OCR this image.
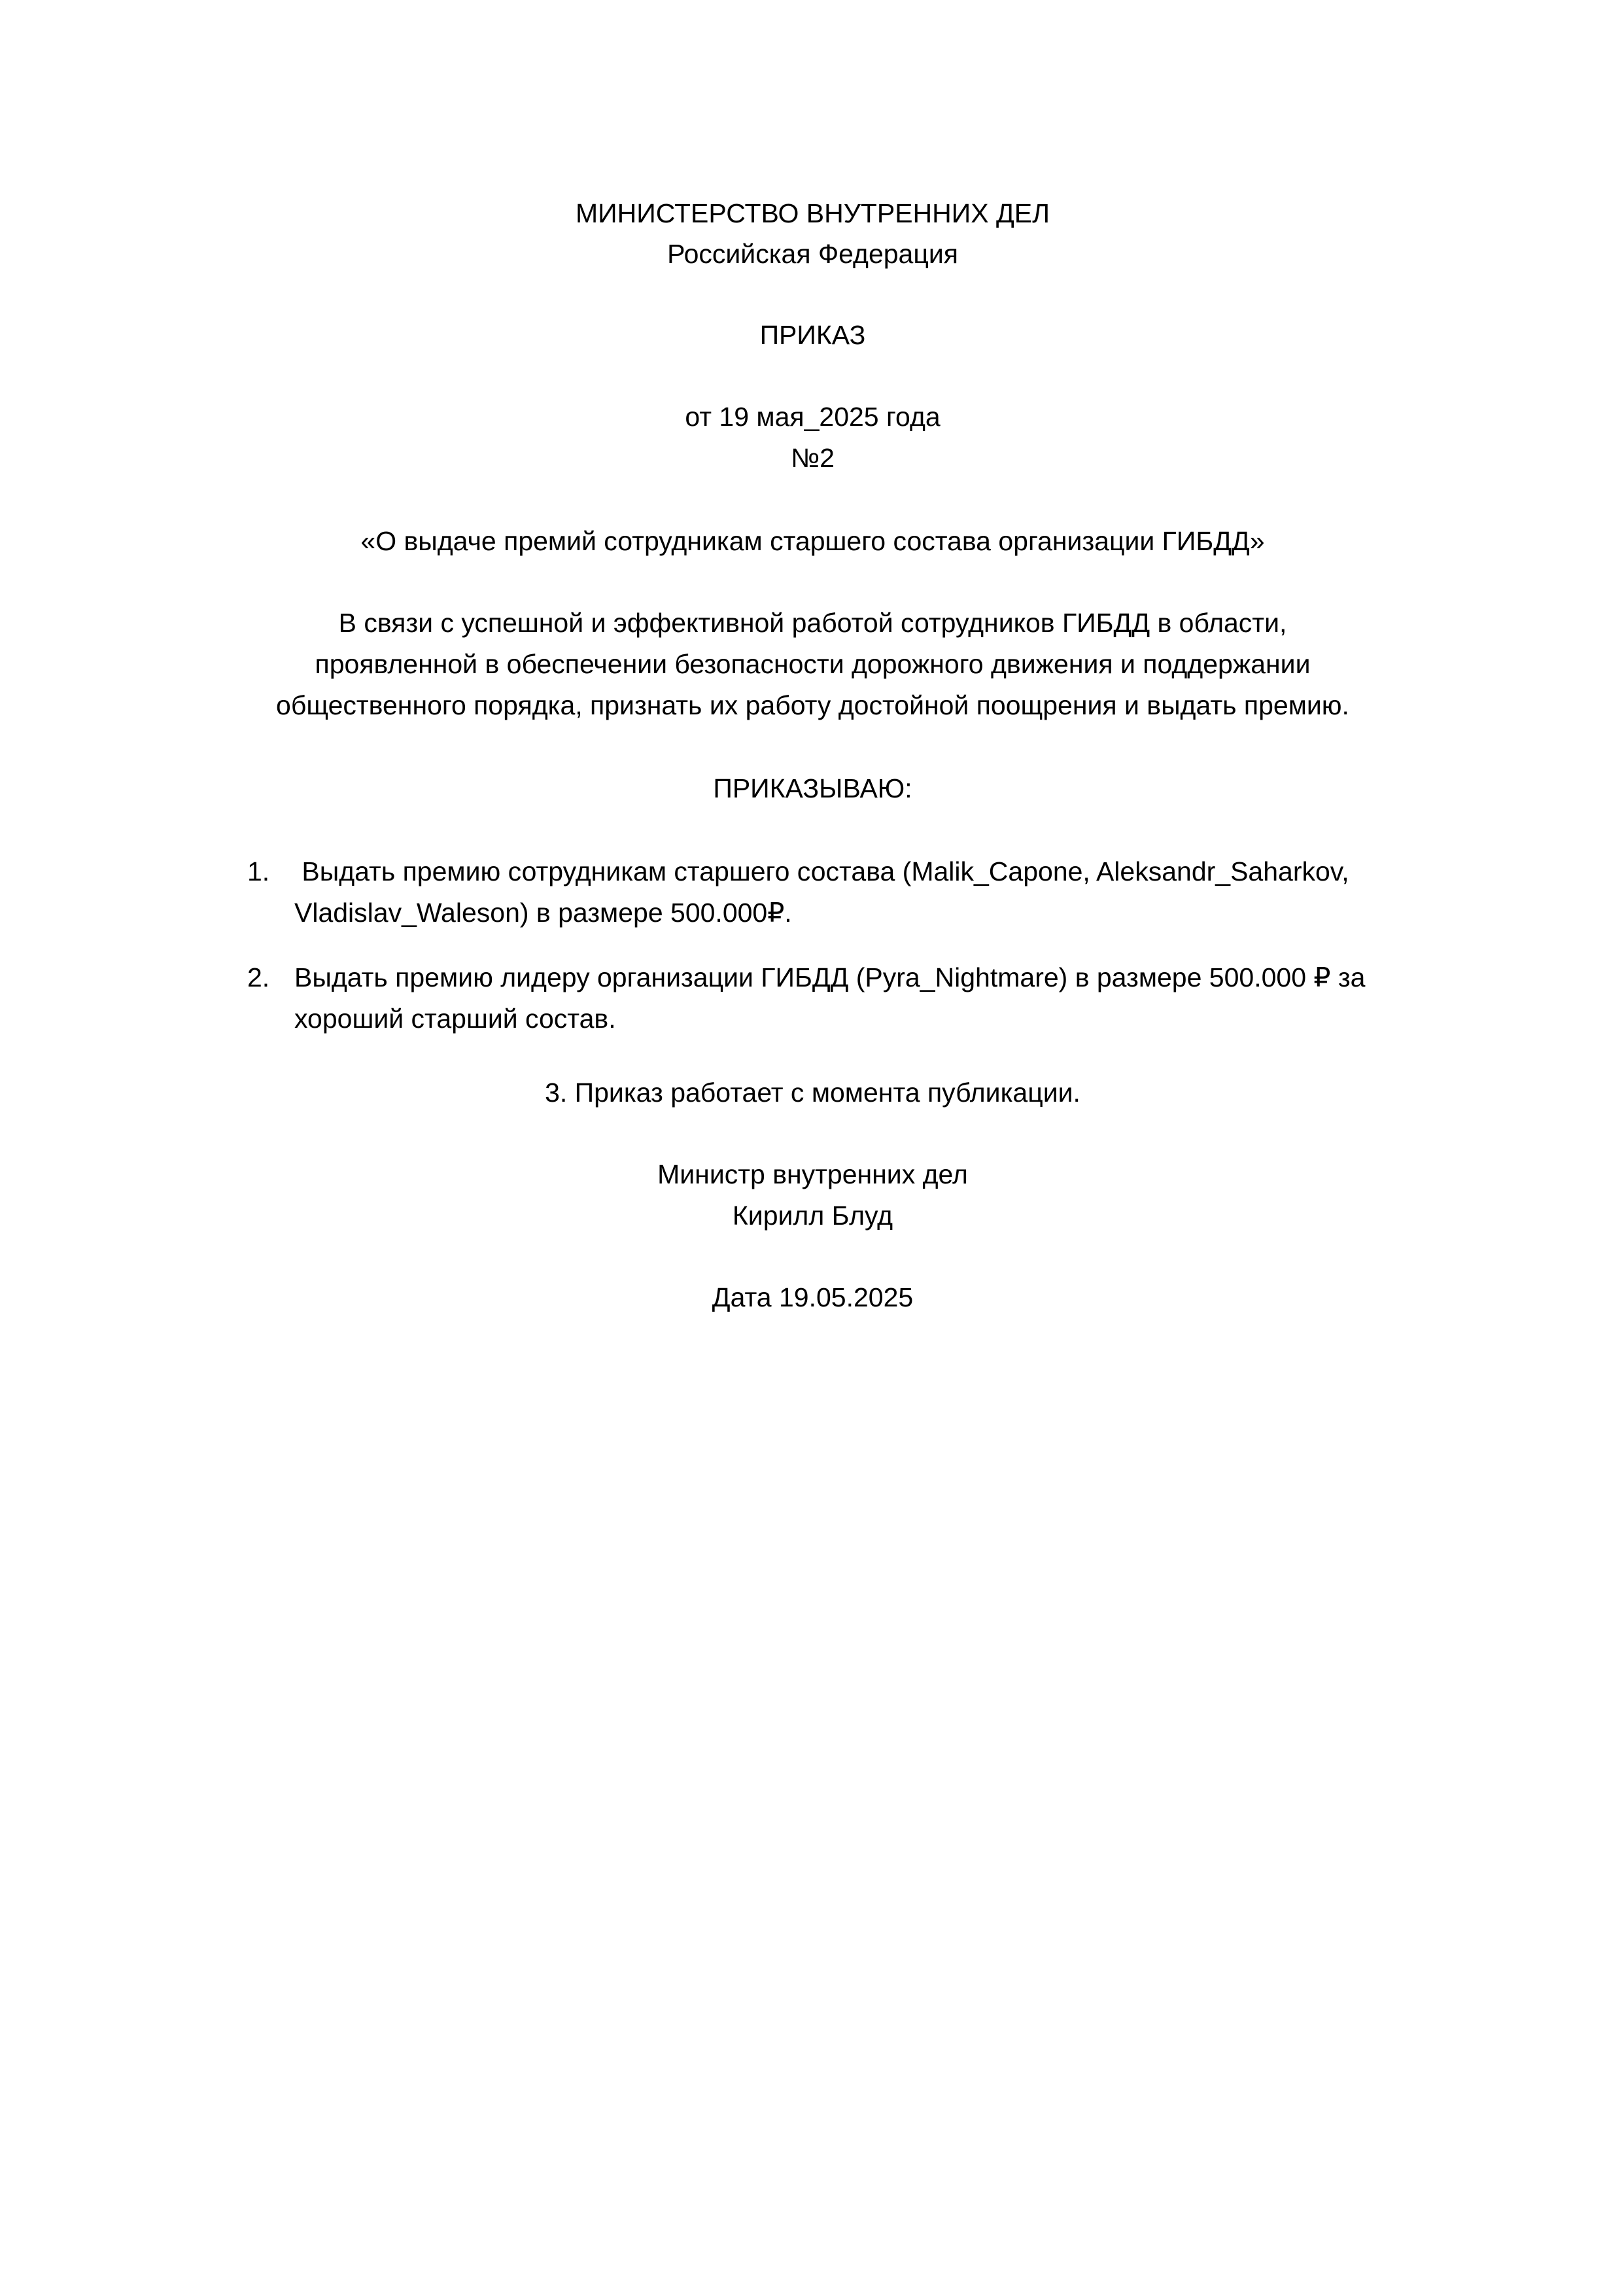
МИНИСТЕРСТВО ВНУТРЕННИХ ДЕЛ
Российская Федерация
ПРИКАЗ
от 19 мая_2025 года
№2
«О выдаче премий сотрудникам старшего состава организации ГИБДД»
В связи с успешной и эффективной работой сотрудников ГИБДД в области,
проявленной в обеспечении безопасности дорожного движения и поддержании
общественного порядка, признать их работу достойной поощрения и выдать премию.
ПРИКАЗЫВАЮ:
1. Выдать премию сотрудникам старшего состава (Malik_Capone, Aleksandr_Saharkov, Vladislav_Waleson) в размере 500.000₽.
2. Выдать премию лидеру организации ГИБДД (Pyra_Nightmare) в размере 500.000 ₽ за хороший старший состав.
3. Приказ работает с момента публикации.
Министр внутренних дел
Кирилл Блуд
Дата 19.05.2025
